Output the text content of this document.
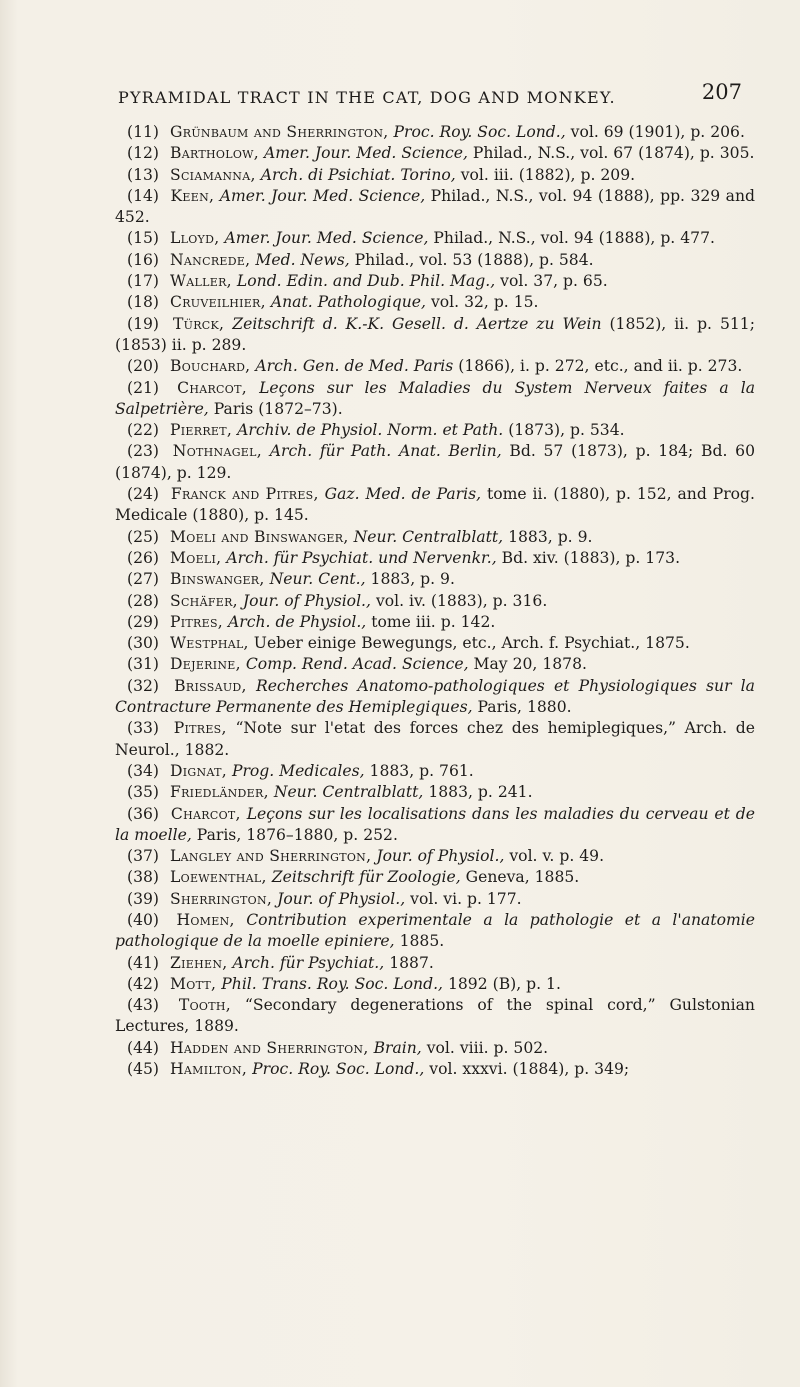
PYRAMIDAL TRACT IN THE CAT, DOG AND MONKEY.	207

(11) Grünbaum and Sherrington, Proc. Roy. Soc. Lond., vol. 69 (1901), p. 206.

(12) Bartholow, Amer. Jour. Med. Science, Philad., N.S., vol. 67 (1874), p. 305.

(13) Sciamanna, Arch. di Psichiat. Torino, vol. iii. (1882), p. 209.

(14) Keen, Amer. Jour. Med. Science, Philad., N.S., vol. 94 (1888), pp. 329 and 452.

(15) Lloyd, Amer. Jour. Med. Science, Philad., N.S., vol. 94 (1888), p. 477.

(16) Nancrede, Med. News, Philad., vol. 53 (1888), p. 584.

(17) Waller, Lond. Edin. and Dub. Phil. Mag., vol. 37, p. 65.

(18) Cruveilhier, Anat. Pathologique, vol. 32, p. 15.

(19) Türck, Zeitschrift d. K.-K. Gesell. d. Aertze zu Wein (1852), ii. p. 511; (1853) ii. p. 289.

(20) Bouchard, Arch. Gen. de Med. Paris (1866), i. p. 272, etc., and ii. p. 273.

(21) Charcot, Leçons sur les Maladies du System Nerveux faites a la Salpetrière, Paris (1872–73).

(22) Pierret, Archiv. de Physiol. Norm. et Path. (1873), p. 534.

(23) Nothnagel, Arch. für Path. Anat. Berlin, Bd. 57 (1873), p. 184; Bd. 60 (1874), p. 129.

(24) Franck and Pitres, Gaz. Med. de Paris, tome ii. (1880), p. 152, and Prog. Medicale (1880), p. 145.

(25) Moeli and Binswanger, Neur. Centralblatt, 1883, p. 9.

(26) Moeli, Arch. für Psychiat. und Nervenkr., Bd. xiv. (1883), p. 173.

(27) Binswanger, Neur. Cent., 1883, p. 9.

(28) Schäfer, Jour. of Physiol., vol. iv. (1883), p. 316.

(29) Pitres, Arch. de Physiol., tome iii. p. 142.

(30) Westphal, Ueber einige Bewegungs, etc., Arch. f. Psychiat., 1875.

(31) Dejerine, Comp. Rend. Acad. Science, May 20, 1878.

(32) Brissaud, Recherches Anatomo-pathologiques et Physiologiques sur la Contracture Permanente des Hemiplegiques, Paris, 1880.

(33) Pitres, “Note sur l'etat des forces chez des hemiplegiques,” Arch. de Neurol., 1882.

(34) Dignat, Prog. Medicales, 1883, p. 761.

(35) Friedländer, Neur. Centralblatt, 1883, p. 241.

(36) Charcot, Leçons sur les localisations dans les maladies du cerveau et de la moelle, Paris, 1876–1880, p. 252.

(37) Langley and Sherrington, Jour. of Physiol., vol. v. p. 49.

(38) Loewenthal, Zeitschrift für Zoologie, Geneva, 1885.

(39) Sherrington, Jour. of Physiol., vol. vi. p. 177.

(40) Homen, Contribution experimentale a la pathologie et a l'anatomie pathologique de la moelle epiniere, 1885.

(41) Ziehen, Arch. für Psychiat., 1887.

(42) Mott, Phil. Trans. Roy. Soc. Lond., 1892 (B), p. 1.

(43) Tooth, “Secondary degenerations of the spinal cord,” Gulstonian Lectures, 1889.

(44) Hadden and Sherrington, Brain, vol. viii. p. 502.

(45) Hamilton, Proc. Roy. Soc. Lond., vol. xxxvi. (1884), p. 349;
